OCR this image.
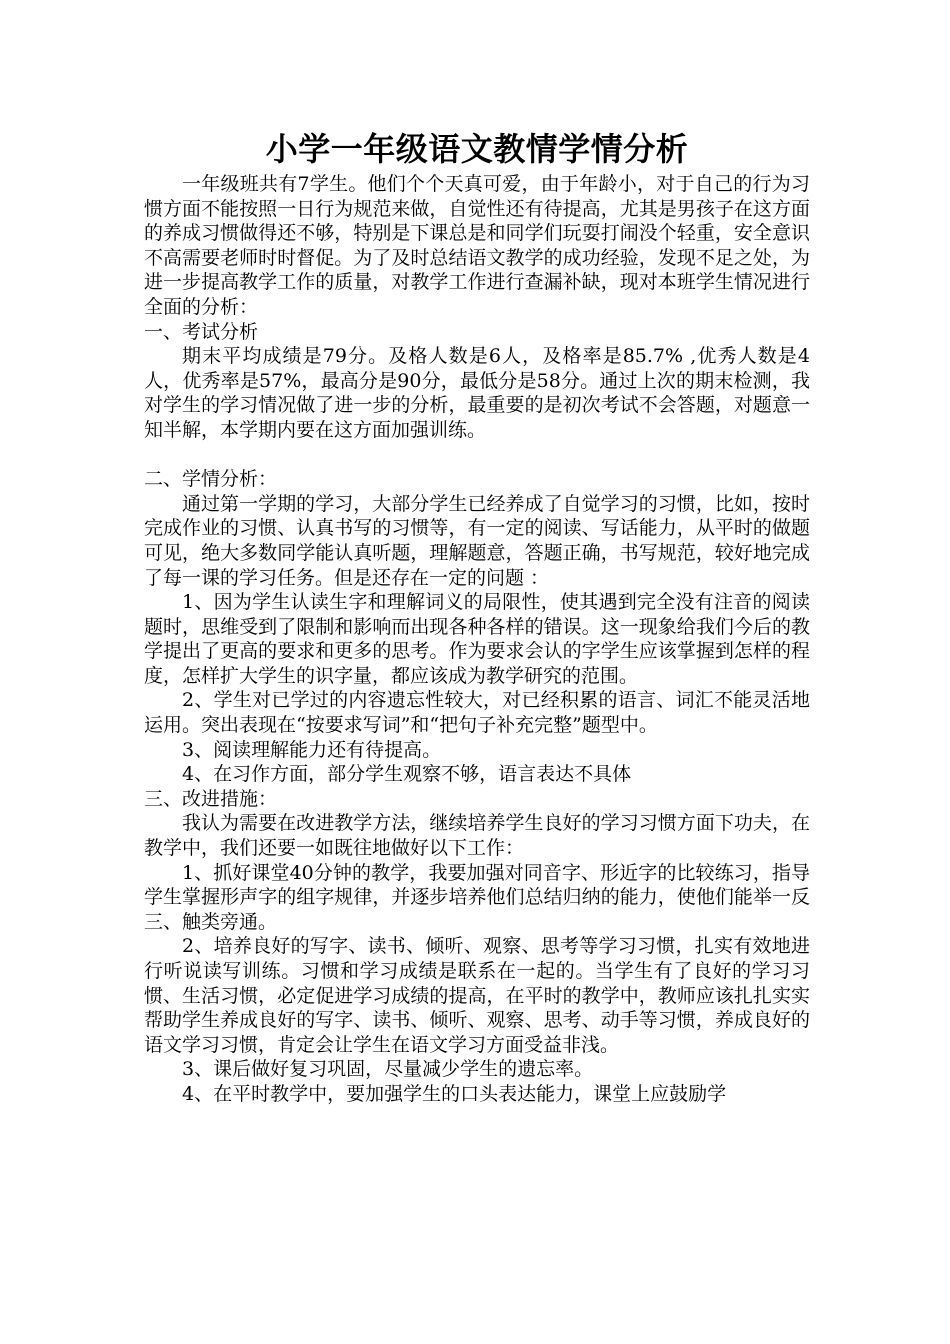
小学一年级语文教情学情分析

一年级班共有7学生。他们个个天真可爱，由于年龄小，对于自己的行为习惯方面不能按照一日行为规范来做，自觉性还有待提高，尤其是男孩子在这方面的养成习惯做得还不够，特别是下课总是和同学们玩耍打闹没个轻重，安全意识不高需要老师时时督促。为了及时总结语文教学的成功经验，发现不足之处，为进一步提高教学工作的质量，对教学工作进行查漏补缺，现对本班学生情况进行全面的分析：

一、考试分析

期末平均成绩是79分。及格人数是6人，及格率是85.7% ,优秀人数是4人，优秀率是57%，最高分是90分，最低分是58分。通过上次的期末检测，我对学生的学习情况做了进一步的分析，最重要的是初次考试不会答题，对题意一知半解，本学期内要在这方面加强训练。

二、学情分析：

通过第一学期的学习，大部分学生已经养成了自觉学习的习惯，比如，按时完成作业的习惯、认真书写的习惯等，有一定的阅读、写话能力，从平时的做题可见，绝大多数同学能认真听题，理解题意，答题正确，书写规范，较好地完成了每一课的学习任务。但是还存在一定的问题 ：

1、因为学生认读生字和理解词义的局限性，使其遇到完全没有注音的阅读题时，思维受到了限制和影响而出现各种各样的错误。这一现象给我们今后的教学提出了更高的要求和更多的思考。作为要求会认的字学生应该掌握到怎样的程度，怎样扩大学生的识字量，都应该成为教学研究的范围。

2、学生对已学过的内容遗忘性较大，对已经积累的语言、词汇不能灵活地运用。突出表现在“按要求写词”和“把句子补充完整”题型中。

3、阅读理解能力还有待提高。

4、在习作方面，部分学生观察不够，语言表达不具体

三、改进措施：

我认为需要在改进教学方法，继续培养学生良好的学习习惯方面下功夫，在教学中，我们还要一如既往地做好以下工作：

1、抓好课堂40分钟的教学，我要加强对同音字、形近字的比较练习，指导学生掌握形声字的组字规律，并逐步培养他们总结归纳的能力，使他们能举一反三、触类旁通。

2、培养良好的写字、读书、倾听、观察、思考等学习习惯，扎实有效地进行听说读写训练。习惯和学习成绩是联系在一起的。当学生有了良好的学习习惯、生活习惯，必定促进学习成绩的提高，在平时的教学中，教师应该扎扎实实帮助学生养成良好的写字、读书、倾听、观察、思考、动手等习惯，养成良好的语文学习习惯，肯定会让学生在语文学习方面受益非浅。

3、课后做好复习巩固，尽量减少学生的遗忘率。

4、在平时教学中，要加强学生的口头表达能力，课堂上应鼓励学
